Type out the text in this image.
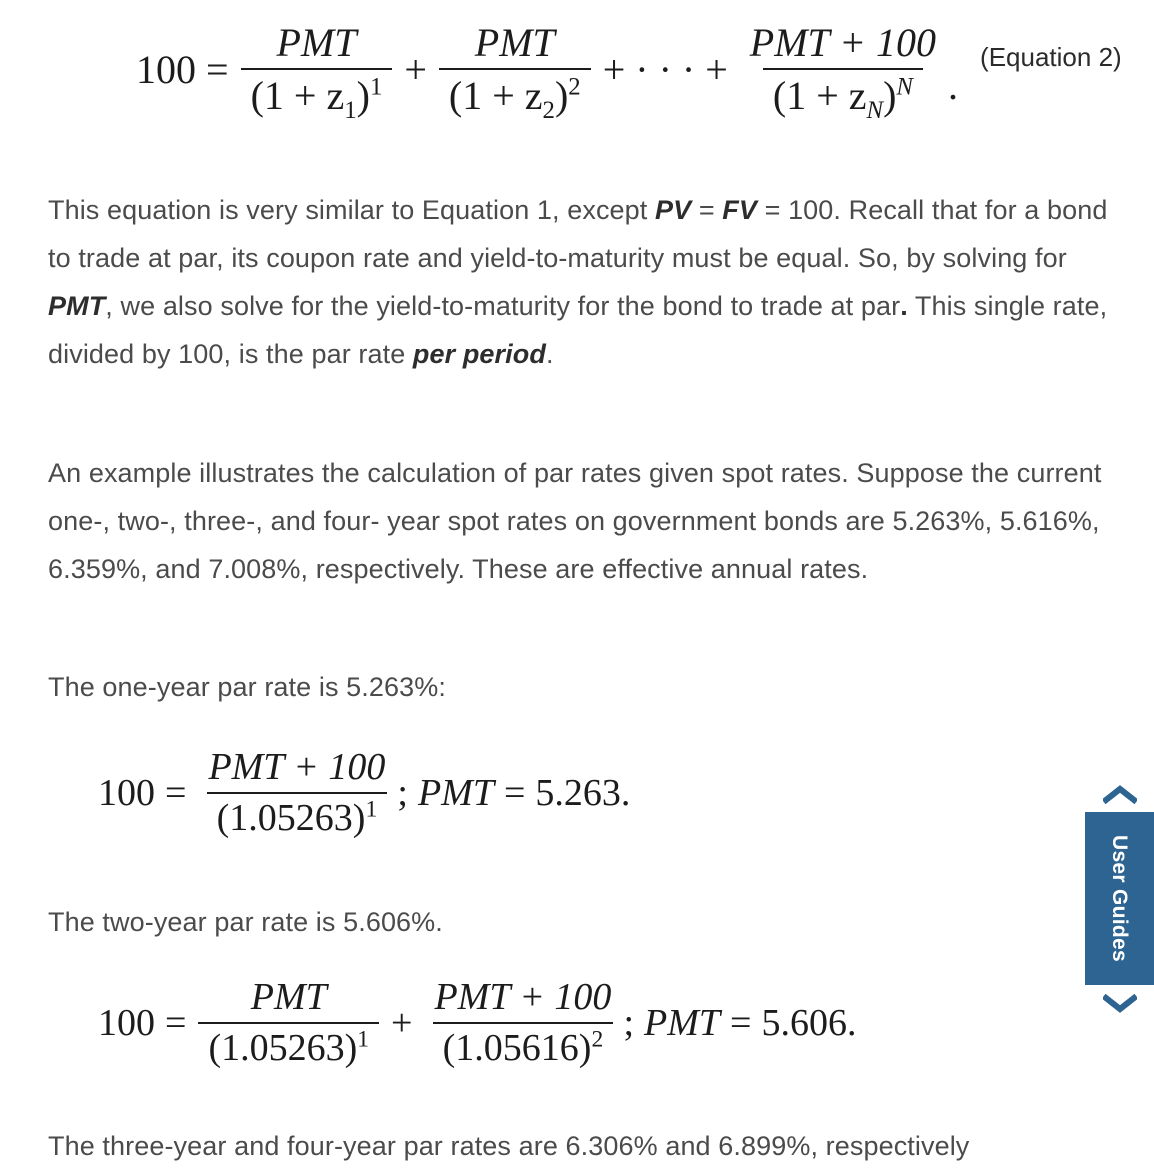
$100 = \frac{\text{PMT}}{(1 + z_1)^1} + \frac{\text{PMT}}{(1 + z_2)^2}$ + · · · + $\frac{\text{PMT + 100}}{(1 + z_N)^N}$ .
(Equation 2)

This equation is very similar to Equation 1, except PV = FV = 100. Recall that for a bond to trade at par, its coupon rate and yield-to-maturity must be equal. So, by solving for PMT, we also solve for the yield-to-maturity for the bond to trade at par. This single rate, divided by 100, is the par rate per period.

An example illustrates the calculation of par rates given spot rates. Suppose the current one-, two-, three-, and four- year spot rates on government bonds are 5.263%, 5.616%, 6.359%, and 7.008%, respectively. These are effective annual rates.

The one-year par rate is 5.263%:

$100 = \frac{\text{PMT + 100}}{(1.05263)^1}$ ; PMT = 5.263.

The two-year par rate is 5.606%.

$100 = \frac{\text{PMT}}{(1.05263)^1} + \frac{\text{PMT + 100}}{(1.05616)^2}$ ; PMT = 5.606.

The three-year and four-year par rates are 6.306% and 6.899%, respectively

User Guides
